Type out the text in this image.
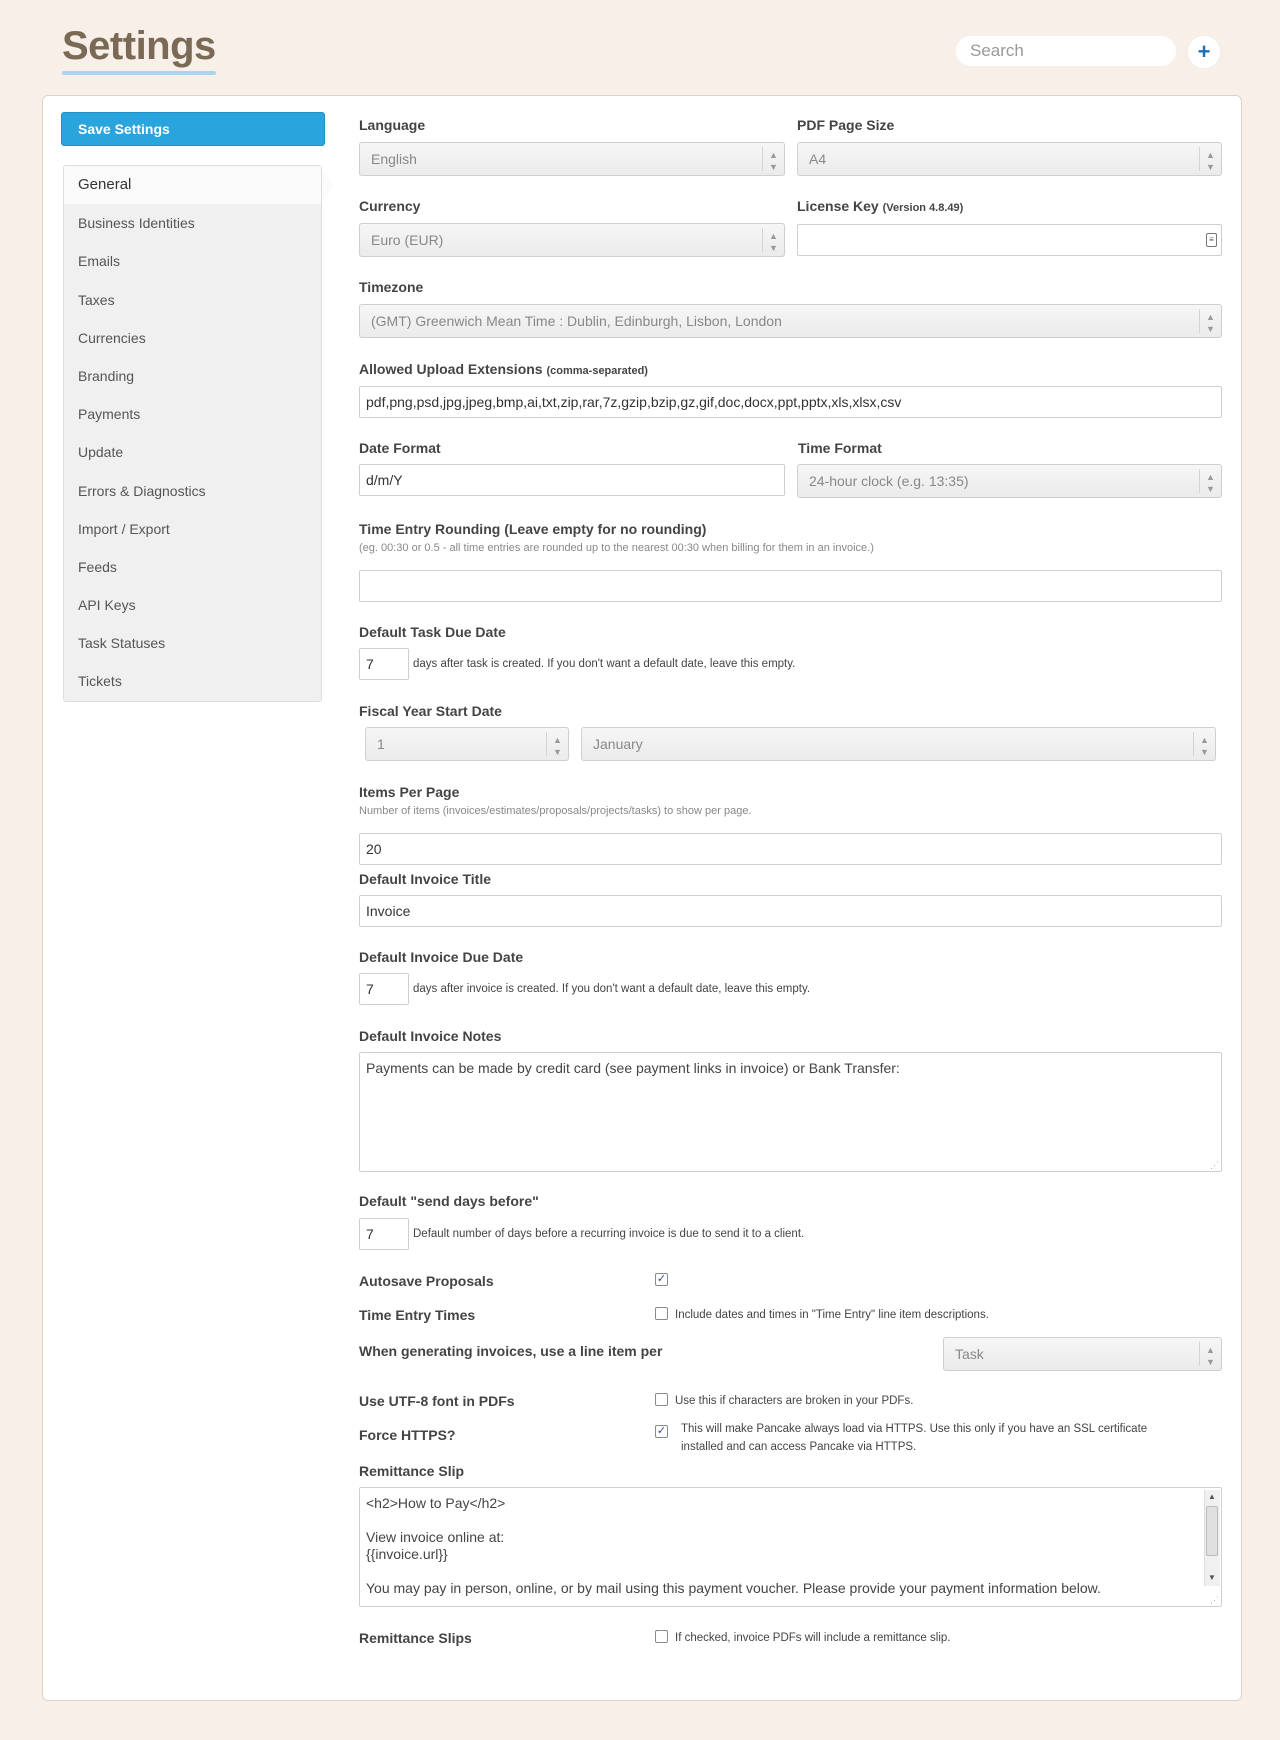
Settings
Search	+
Save Settings
General
Business Identities
Emails
Taxes
Currencies
Branding
Payments
Update
Errors & Diagnostics
Import / Export
Feeds
API Keys
Task Statuses
Tickets
Language
English	▲
▼
PDF Page Size
A4	▲
▼
Currency
Euro (EUR)	▲
▼
License Key (Version 4.8.49)
≡
Timezone
(GMT) Greenwich Mean Time : Dublin, Edinburgh, Lisbon, London	▲
▼
Allowed Upload Extensions (comma-separated)
pdf,png,psd,jpg,jpeg,bmp,ai,txt,zip,rar,7z,gzip,bzip,gz,gif,doc,docx,ppt,pptx,xls,xlsx,csv
Date Format
d/m/Y	Time Format
24-hour clock (e.g. 13:35)	▲
▼
Time Entry Rounding (Leave empty for no rounding)
(eg. 00:30 or 0.5 - all time entries are rounded up to the nearest 00:30 when billing for them in an invoice.)
Default Task Due Date
7
days after task is created. If you don't want a default date, leave this empty.
Fiscal Year Start Date
1	▲
▼	January	▲
▼
Items Per Page
Number of items (invoices/estimates/proposals/projects/tasks) to show per page.
20
Default Invoice Title
Invoice
Default Invoice Due Date
7
days after invoice is created. If you don't want a default date, leave this empty.
Default Invoice Notes
Payments can be made by credit card (see payment links in invoice) or Bank Transfer:
⋰
Default "send days before"
7
Default number of days before a recurring invoice is due to send it to a client.
Autosave Proposals	✓
Time Entry Times	Include dates and times in "Time Entry" line item descriptions.
When generating invoices, use a line item per	Task	▲
▼
Use UTF-8 font in PDFs	Use this if characters are broken in your PDFs.
Force HTTPS?	✓ This will make Pancake always load via HTTPS. Use this only if you have an SSL certificate
installed and can access Pancake via HTTPS.
Remittance Slip
<h2>How to Pay</h2> View invoice online at: {{invoice.url}} You may pay in person, online, or by mail using this payment voucher. Please provide your payment information below.
▲
▼
⋰
Remittance Slips	If checked, invoice PDFs will include a remittance slip.
